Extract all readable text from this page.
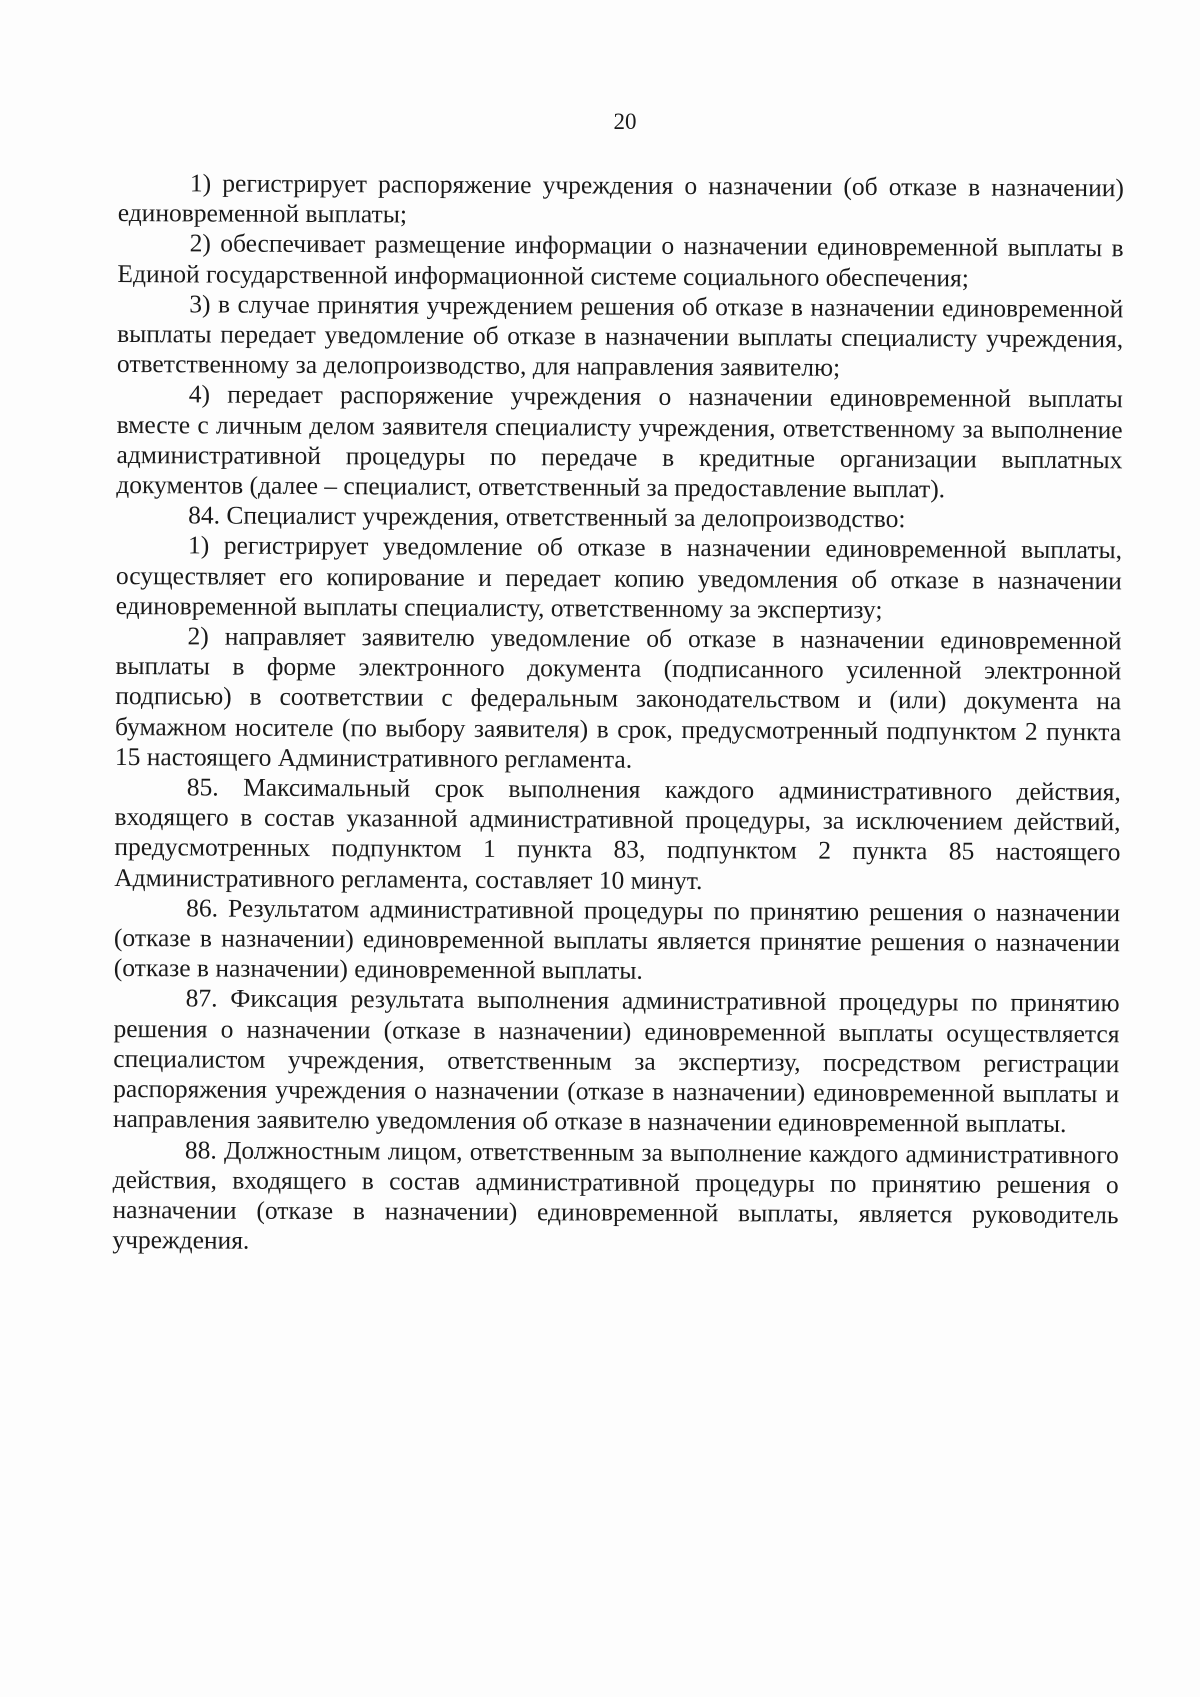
20

1) регистрирует распоряжение учреждения о назначении (об отказе в назначении) единовременной выплаты;

2) обеспечивает размещение информации о назначении единовременной выплаты в Единой государственной информационной системе социального обеспечения;

3) в случае принятия учреждением решения об отказе в назначении единовременной выплаты передает уведомление об отказе в назначении выплаты специалисту учреждения, ответственному за делопроизводство, для направления заявителю;

4) передает распоряжение учреждения о назначении единовременной выплаты вместе с личным делом заявителя специалисту учреждения, ответственному за выполнение административной процедуры по передаче в кредитные организации выплатных документов (далее – специалист, ответственный за предоставление выплат).

84. Специалист учреждения, ответственный за делопроизводство:

1) регистрирует уведомление об отказе в назначении единовременной выплаты, осуществляет его копирование и передает копию уведомления об отказе в назначении единовременной выплаты специалисту, ответственному за экспертизу;

2) направляет заявителю уведомление об отказе в назначении единовременной выплаты в форме электронного документа (подписанного усиленной электронной подписью) в соответствии с федеральным законодательством и (или) документа на бумажном носителе (по выбору заявителя) в срок, предусмотренный подпунктом 2 пункта 15 настоящего Административного регламента.

85. Максимальный срок выполнения каждого административного действия, входящего в состав указанной административной процедуры, за исключением действий, предусмотренных подпунктом 1 пункта 83, подпунктом 2 пункта 85 настоящего Административного регламента, составляет 10 минут.

86. Результатом административной процедуры по принятию решения о назначении (отказе в назначении) единовременной выплаты является принятие решения о назначении (отказе в назначении) единовременной выплаты.

87. Фиксация результата выполнения административной процедуры по принятию решения о назначении (отказе в назначении) единовременной выплаты осуществляется специалистом учреждения, ответственным за экспертизу, посредством регистрации распоряжения учреждения о назначении (отказе в назначении) единовременной выплаты и направления заявителю уведомления об отказе в назначении единовременной выплаты.

88. Должностным лицом, ответственным за выполнение каждого административного действия, входящего в состав административной процедуры по принятию решения о назначении (отказе в назначении) единовременной выплаты, является руководитель учреждения.
